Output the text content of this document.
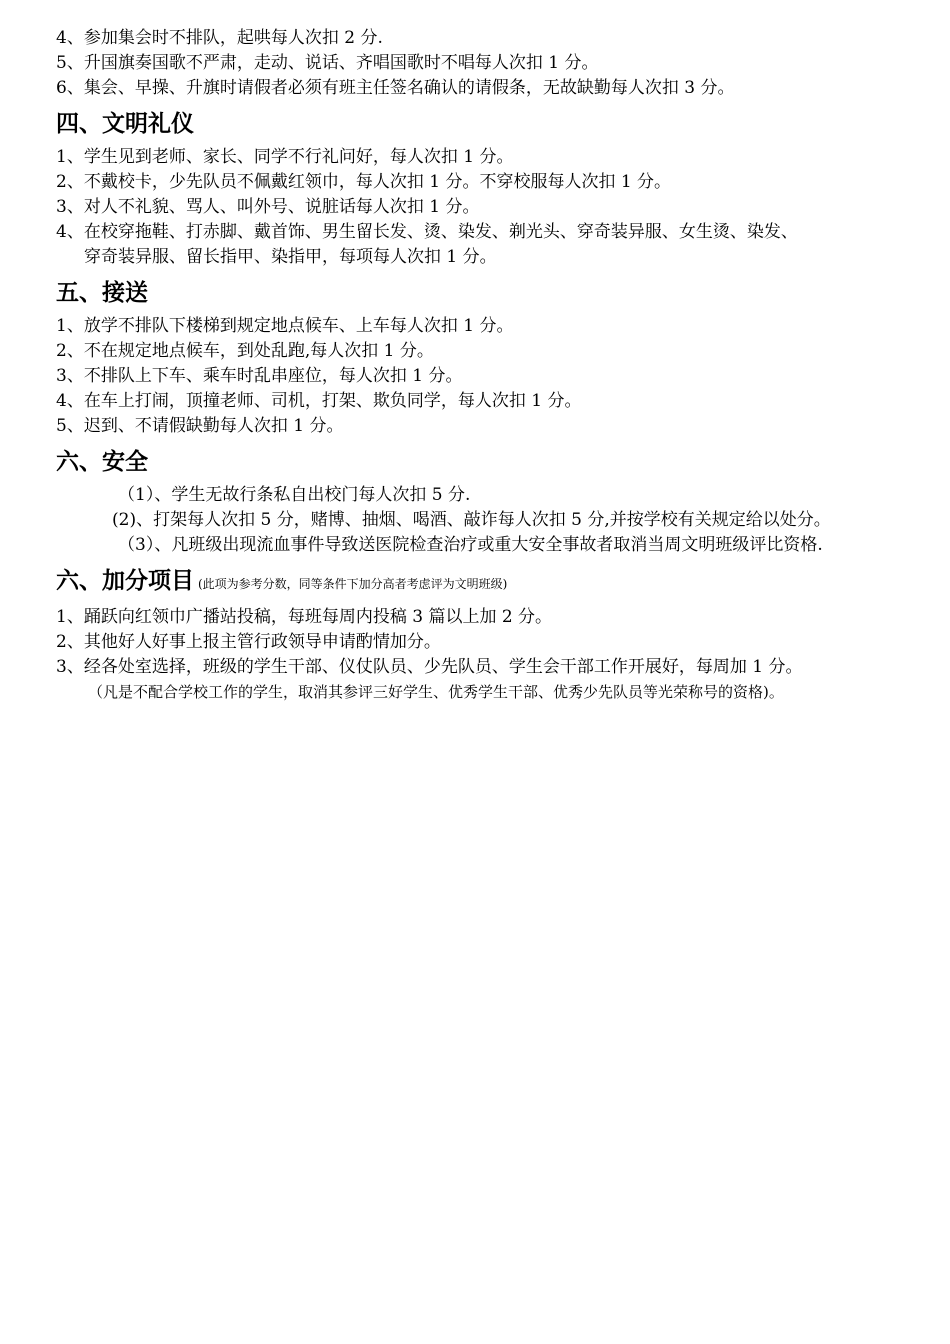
4、参加集会时不排队，起哄每人次扣 2 分.
5、升国旗奏国歌不严肃，走动、说话、齐唱国歌时不唱每人次扣 1 分。
6、集会、早操、升旗时请假者必须有班主任签名确认的请假条，无故缺勤每人次扣 3 分。
四、文明礼仪
1、学生见到老师、家长、同学不行礼问好，每人次扣 1 分。
2、不戴校卡，少先队员不佩戴红领巾，每人次扣 1 分。不穿校服每人次扣 1 分。
3、对人不礼貌、骂人、叫外号、说脏话每人次扣 1 分。
4、在校穿拖鞋、打赤脚、戴首饰、男生留长发、烫、染发、剃光头、穿奇装异服、女生烫、染发、
穿奇装异服、留长指甲、染指甲，每项每人次扣 1 分。
五、接送
1、放学不排队下楼梯到规定地点候车、上车每人次扣 1 分。
2、不在规定地点候车，到处乱跑,每人次扣 1 分。
3、不排队上下车、乘车时乱串座位，每人次扣 1 分。
4、在车上打闹，顶撞老师、司机，打架、欺负同学，每人次扣 1 分。
5、迟到、不请假缺勤每人次扣 1 分。
六、安全
（1）、学生无故行条私自出校门每人次扣 5 分.
(2)、打架每人次扣 5 分，赌博、抽烟、喝酒、敲诈每人次扣 5 分,并按学校有关规定给以处分。
（3）、凡班级出现流血事件导致送医院检查治疗或重大安全事故者取消当周文明班级评比资格.
六、加分项目 (此项为参考分数，同等条件下加分高者考虑评为文明班级)
1、踊跃向红领巾广播站投稿，每班每周内投稿 3 篇以上加 2 分。
2、其他好人好事上报主管行政领导申请酌情加分。
3、经各处室选择，班级的学生干部、仪仗队员、少先队员、学生会干部工作开展好，每周加 1 分。
（凡是不配合学校工作的学生，取消其参评三好学生、优秀学生干部、优秀少先队员等光荣称号的资格)。
